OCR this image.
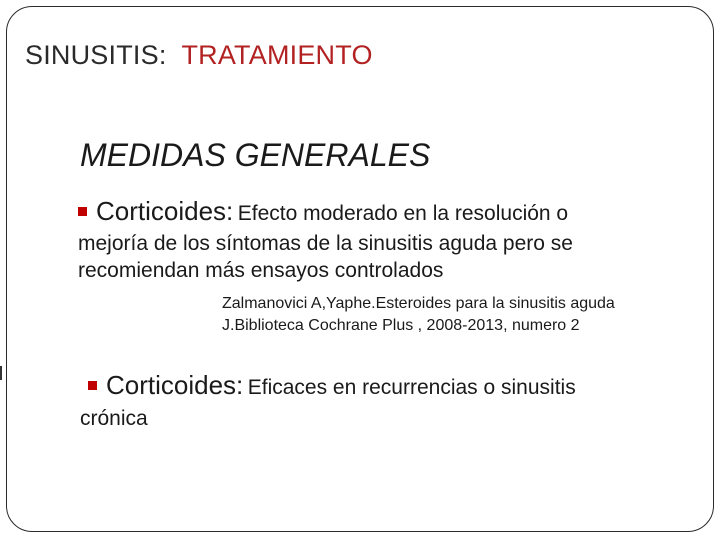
SINUSITIS: TRATAMIENTO
MEDIDAS GENERALES
Corticoides: Efecto moderado en la resolución o
mejoría de los síntomas de la sinusitis aguda pero se
recomiendan más ensayos controlados
Zalmanovici A,Yaphe.Esteroides para la sinusitis aguda
J.Biblioteca Cochrane Plus , 2008-2013, numero 2
Corticoides: Eficaces en recurrencias o sinusitis
crónica
